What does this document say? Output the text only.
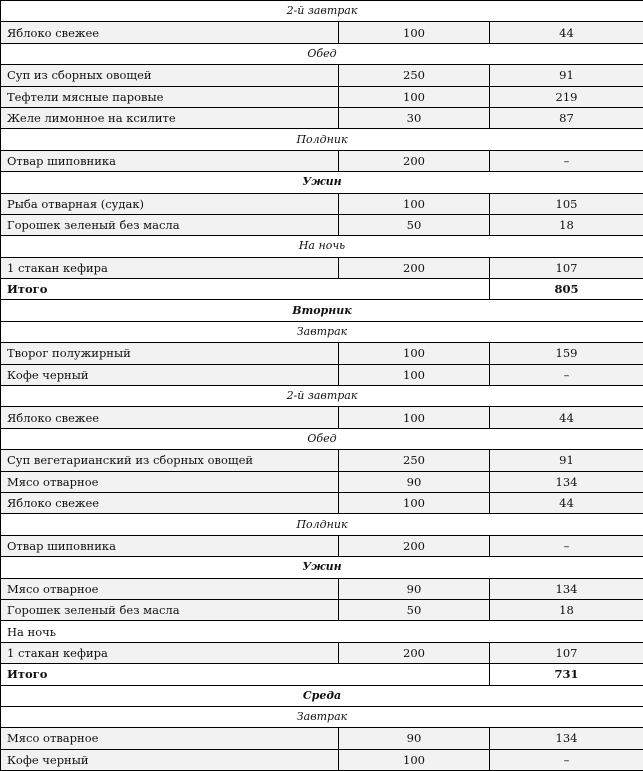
2-й завтрак		
Яблоко свежее	100	44
Обед		
Суп из сборных овощей	250	91
Тефтели мясные паровые	100	219
Желе лимонное на ксилите	30	87
Полдник		
Отвар шиповника	200	–
Ужин		
Рыба отварная (судак)	100	105
Горошек зеленый без масла	50	18
На ночь		
1 стакан кефира	200	107
Итого		805
Вторник		
Завтрак		
Творог полужирный	100	159
Кофе черный	100	–
2-й завтрак		
Яблоко свежее	100	44
Обед		
Суп вегетарианский из сборных овощей	250	91
Мясо отварное	90	134
Яблоко свежее	100	44
Полдник		
Отвар шиповника	200	–
Ужин		
Мясо отварное	90	134
Горошек зеленый без масла	50	18
На ночь		
1 стакан кефира	200	107
Итого		731
Среда		
Завтрак		
Мясо отварное	90	134
Кофе черный	100	–
